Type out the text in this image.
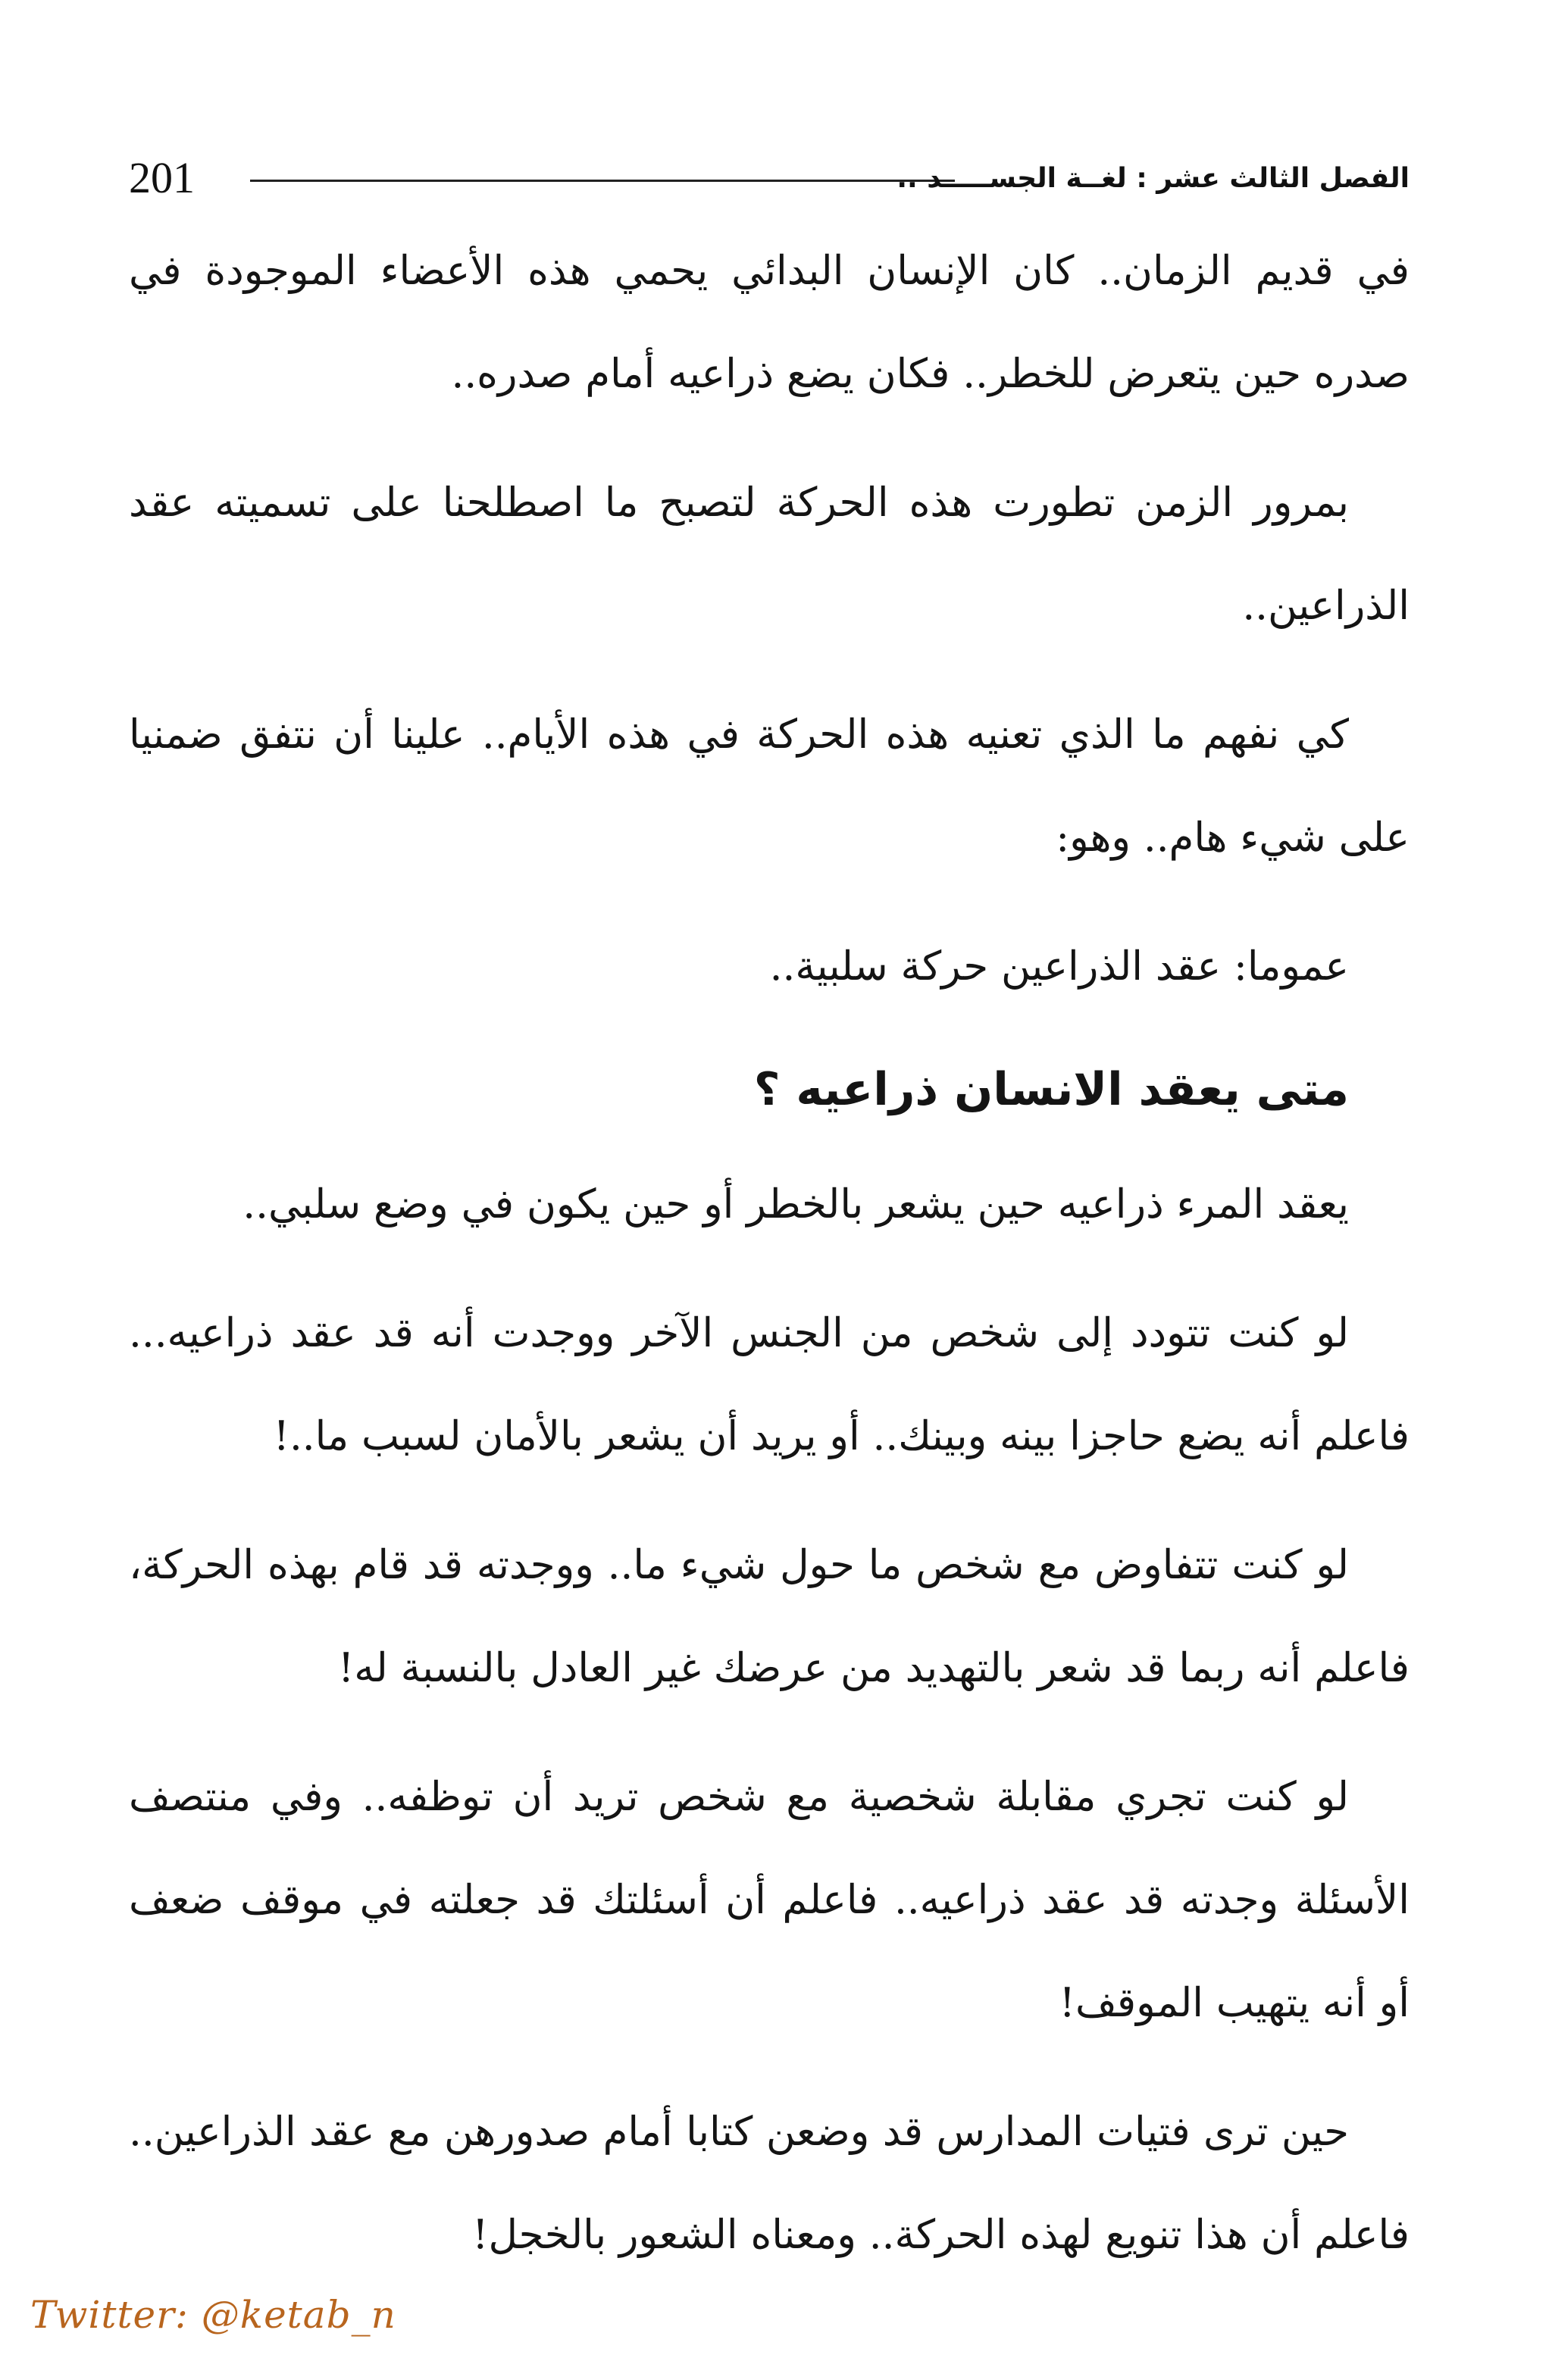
201	الفصل الثالث عشر : لغــة الجســـــد ..

في قديم الزمان.. كان الإنسان البدائي يحمي هذه الأعضاء الموجودة في صدره حين يتعرض للخطر.. فكان يضع ذراعيه أمام صدره..

بمرور الزمن تطورت هذه الحركة لتصبح ما اصطلحنا على تسميته عقد الذراعين..

كي نفهم ما الذي تعنيه هذه الحركة في هذه الأيام.. علينا أن نتفق ضمنيا على شيء هام.. وهو:

عموما: عقد الذراعين حركة سلبية..

متى يعقد الانسان ذراعيه ؟

يعقد المرء ذراعيه حين يشعر بالخطر أو حين يكون في وضع سلبي..

لو كنت تتودد إلى شخص من الجنس الآخر ووجدت أنه قد عقد ذراعيه... فاعلم أنه يضع حاجزا بينه وبينك.. أو يريد أن يشعر بالأمان لسبب ما..!

لو كنت تتفاوض مع شخص ما حول شيء ما.. ووجدته قد قام بهذه الحركة، فاعلم أنه ربما قد شعر بالتهديد من عرضك غير العادل بالنسبة له!

لو كنت تجري مقابلة شخصية مع شخص تريد أن توظفه.. وفي منتصف الأسئلة وجدته قد عقد ذراعيه.. فاعلم أن أسئلتك قد جعلته في موقف ضعف أو أنه يتهيب الموقف!

حين ترى فتيات المدارس قد وضعن كتابا أمام صدورهن مع عقد الذراعين.. فاعلم أن هذا تنويع لهذه الحركة.. ومعناه الشعور بالخجل!

Twitter: @ketab_n
